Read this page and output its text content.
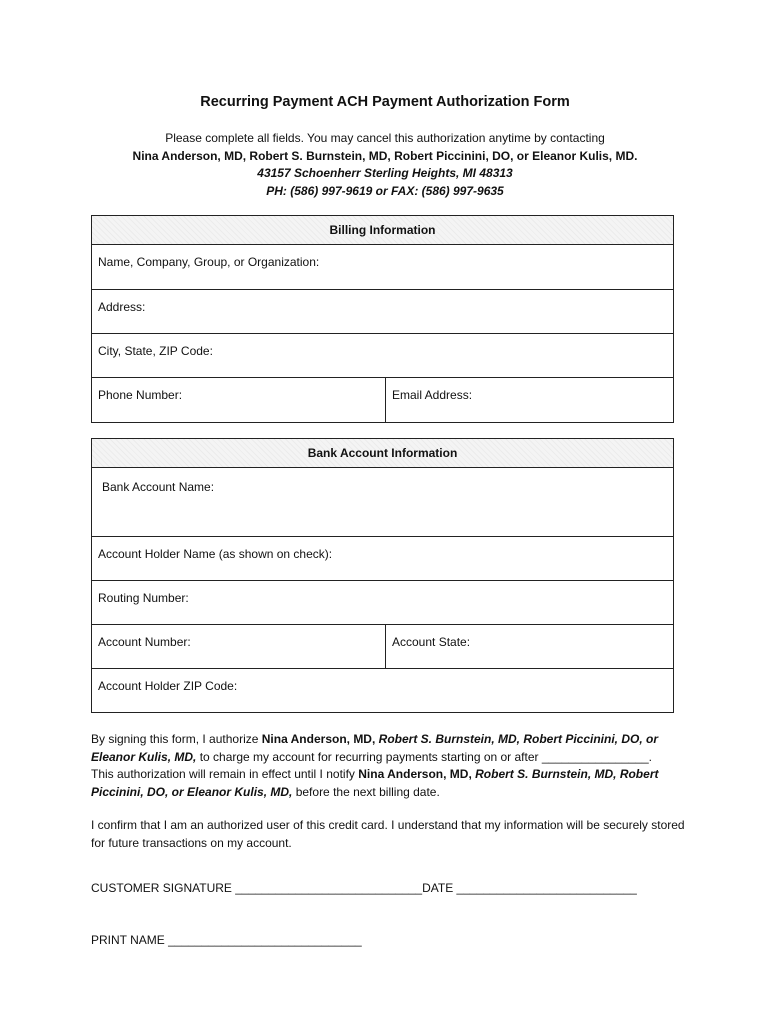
Recurring Payment ACH Payment Authorization Form
Please complete all fields. You may cancel this authorization anytime by contacting
Nina Anderson, MD, Robert S. Burnstein, MD, Robert Piccinini, DO, or Eleanor Kulis, MD.
43157 Schoenherr Sterling Heights, MI 48313
PH: (586) 997-9619 or FAX: (586) 997-9635
Billing Information
Name, Company, Group, or Organization:
Address:
City, State, ZIP Code:
Phone Number:	Email Address:
Bank Account Information
Bank Account Name:
Account Holder Name (as shown on check):
Routing Number:
Account Number:	Account State:
Account Holder ZIP Code:
By signing this form, I authorize Nina Anderson, MD, Robert S. Burnstein, MD, Robert Piccinini, DO, or Eleanor Kulis, MD, to charge my account for recurring payments starting on or after ________________.
This authorization will remain in effect until I notify Nina Anderson, MD, Robert S. Burnstein, MD, Robert Piccinini, DO, or Eleanor Kulis, MD, before the next billing date.
I confirm that I am an authorized user of this credit card. I understand that my information will be securely stored for future transactions on my account.
CUSTOMER SIGNATURE ____________________________DATE ___________________________
PRINT NAME _____________________________
